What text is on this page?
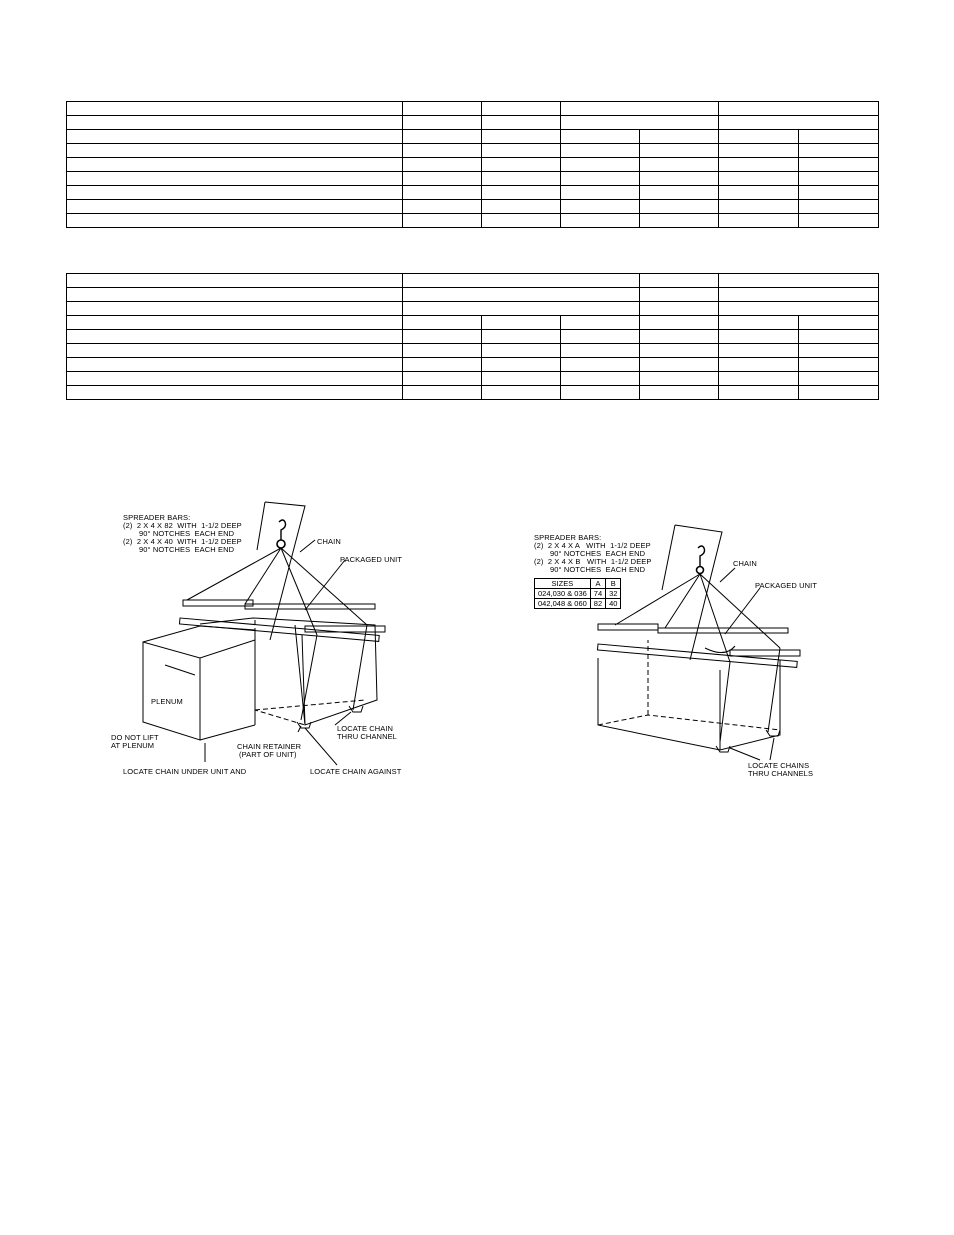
SPREADER BARS:
(2)  2 X 4 X 82  WITH  1-1/2 DEEP
90° NOTCHES  EACH END
(2)  2 X 4 X 40  WITH  1-1/2 DEEP
90° NOTCHES  EACH END
CHAIN
PACKAGED UNIT
PLENUM
DO NOT LIFT
AT PLENUM	CHAIN RETAINER
(PART OF UNIT)
LOCATE CHAIN
THRU CHANNEL
LOCATE CHAIN UNDER UNIT AND	LOCATE CHAIN AGAINST
SPREADER BARS:
(2)  2 X 4 X A   WITH  1-1/2 DEEP
90° NOTCHES  EACH END
(2)  2 X 4 X B   WITH  1-1/2 DEEP
90° NOTCHES  EACH END
SIZES	A	B
024,030 & 036	74	32
042,048 & 060	82	40
CHAIN
PACKAGED UNIT
LOCATE CHAINS
THRU CHANNELS
